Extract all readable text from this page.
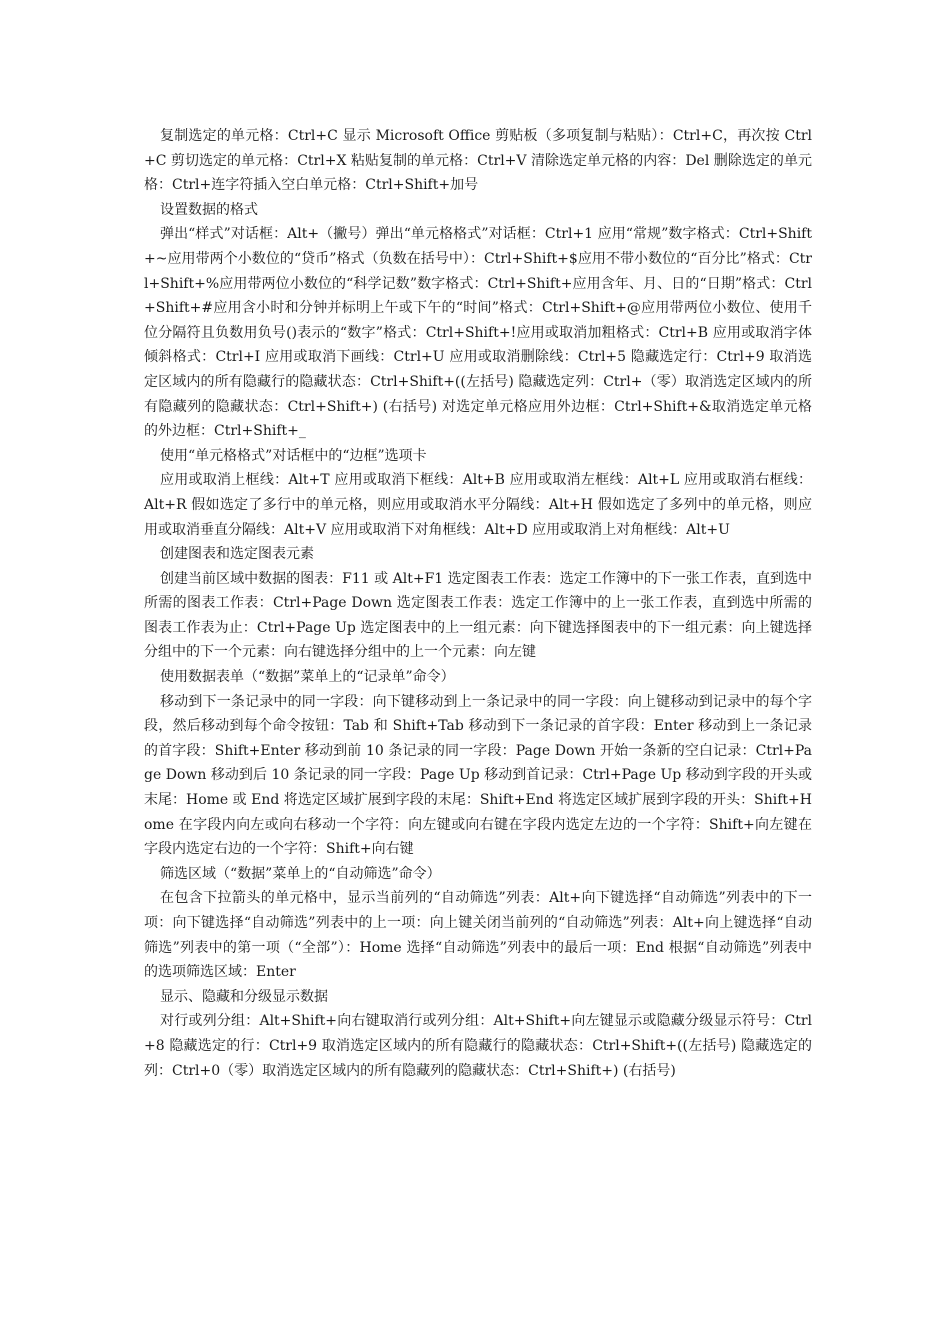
复制选定的单元格：Ctrl+C 显示 Microsoft Office 剪贴板（多项复制与粘贴）：Ctrl+C，再次按 Ctrl+C 剪切选定的单元格：Ctrl+X 粘贴复制的单元格：Ctrl+V 清除选定单元格的内容：Del 删除选定的单元格：Ctrl+连字符插入空白单元格：Ctrl+Shift+加号

设置数据的格式

弹出“样式”对话框：Alt+（撇号）弹出“单元格格式”对话框：Ctrl+1 应用“常规”数字格式：Ctrl+Shift+~应用带两个小数位的“贷币”格式（负数在括号中）：Ctrl+Shift+$应用不带小数位的“百分比”格式：Ctrl+Shift+%应用带两位小数位的“科学记数”数字格式：Ctrl+Shift+应用含年、月、日的“日期”格式：Ctrl+Shift+#应用含小时和分钟并标明上午或下午的“时间”格式：Ctrl+Shift+@应用带两位小数位、使用千位分隔符且负数用负号()表示的“数字”格式：Ctrl+Shift+!应用或取消加粗格式：Ctrl+B 应用或取消字体倾斜格式：Ctrl+I 应用或取消下画线：Ctrl+U 应用或取消删除线：Ctrl+5 隐藏选定行：Ctrl+9 取消选定区域内的所有隐藏行的隐藏状态：Ctrl+Shift+((左括号) 隐藏选定列：Ctrl+（零）取消选定区域内的所有隐藏列的隐藏状态：Ctrl+Shift+) (右括号) 对选定单元格应用外边框：Ctrl+Shift+&取消选定单元格的外边框：Ctrl+Shift+_

使用“单元格格式”对话框中的“边框”选项卡

应用或取消上框线：Alt+T 应用或取消下框线：Alt+B 应用或取消左框线：Alt+L 应用或取消右框线：Alt+R 假如选定了多行中的单元格，则应用或取消水平分隔线：Alt+H 假如选定了多列中的单元格，则应用或取消垂直分隔线：Alt+V 应用或取消下对角框线：Alt+D 应用或取消上对角框线：Alt+U

创建图表和选定图表元素

创建当前区域中数据的图表：F11 或 Alt+F1 选定图表工作表：选定工作簿中的下一张工作表，直到选中所需的图表工作表：Ctrl+Page Down 选定图表工作表：选定工作簿中的上一张工作表，直到选中所需的图表工作表为止：Ctrl+Page Up 选定图表中的上一组元素：向下键选择图表中的下一组元素：向上键选择分组中的下一个元素：向右键选择分组中的上一个元素：向左键

使用数据表单（“数据”菜单上的“记录单”命令）

移动到下一条记录中的同一字段：向下键移动到上一条记录中的同一字段：向上键移动到记录中的每个字段，然后移动到每个命令按钮：Tab 和 Shift+Tab 移动到下一条记录的首字段：Enter 移动到上一条记录的首字段：Shift+Enter 移动到前 10 条记录的同一字段：Page Down 开始一条新的空白记录：Ctrl+Page Down 移动到后 10 条记录的同一字段：Page Up 移动到首记录：Ctrl+Page Up 移动到字段的开头或末尾：Home 或 End 将选定区域扩展到字段的末尾：Shift+End 将选定区域扩展到字段的开头：Shift+Home 在字段内向左或向右移动一个字符：向左键或向右键在字段内选定左边的一个字符：Shift+向左键在字段内选定右边的一个字符：Shift+向右键

筛选区域（“数据”菜单上的“自动筛选”命令）

在包含下拉箭头的单元格中，显示当前列的“自动筛选”列表：Alt+向下键选择“自动筛选”列表中的下一项：向下键选择“自动筛选”列表中的上一项：向上键关闭当前列的“自动筛选”列表：Alt+向上键选择“自动筛选”列表中的第一项（“全部”）：Home 选择“自动筛选”列表中的最后一项：End 根据“自动筛选”列表中的选项筛选区域：Enter

显示、隐藏和分级显示数据

对行或列分组：Alt+Shift+向右键取消行或列分组：Alt+Shift+向左键显示或隐藏分级显示符号：Ctrl+8 隐藏选定的行：Ctrl+9 取消选定区域内的所有隐藏行的隐藏状态：Ctrl+Shift+((左括号) 隐藏选定的列：Ctrl+0（零）取消选定区域内的所有隐藏列的隐藏状态：Ctrl+Shift+) (右括号)
